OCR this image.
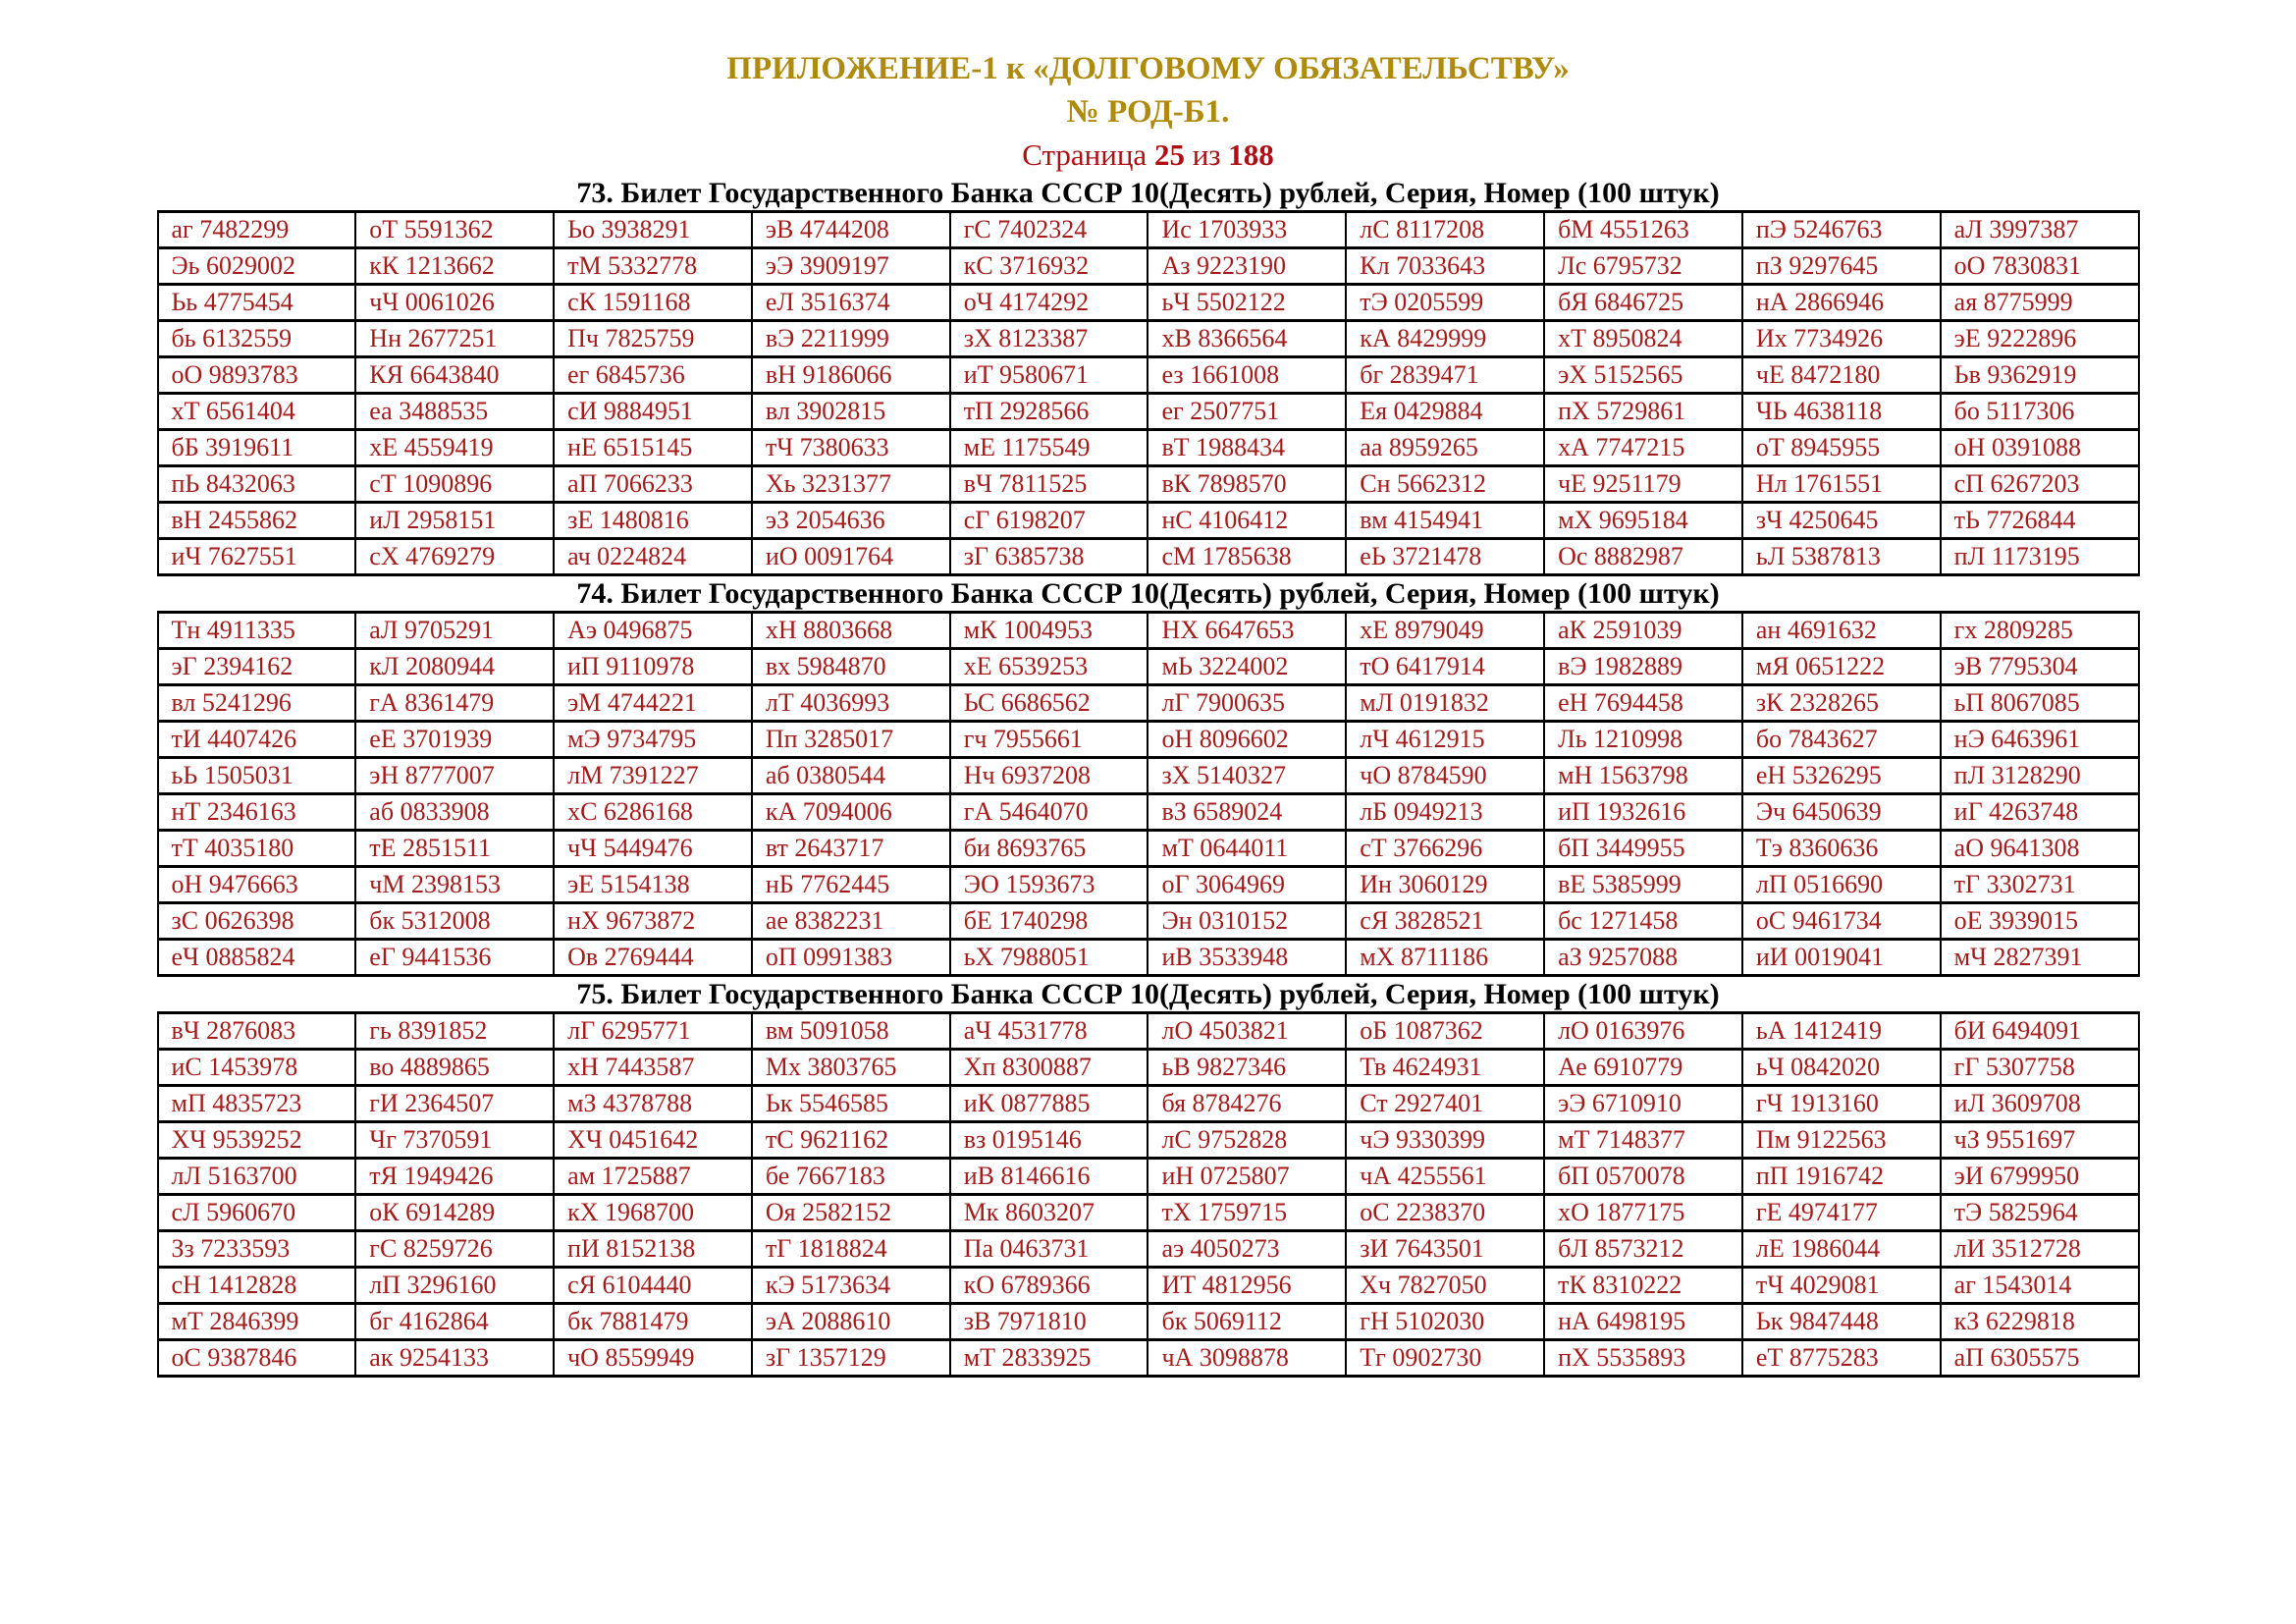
ПРИЛОЖЕНИЕ-1 к «ДОЛГОВОМУ ОБЯЗАТЕЛЬСТВУ»
№ РОД-Б1.
Страница 25 из 188
73. Билет Государственного Банка СССР 10(Десять) рублей, Серия, Номер (100 штук)
аг 7482299	оТ 5591362	Ьо 3938291	эВ 4744208	гС 7402324	Ис 1703933	лС 8117208	бМ 4551263	пЭ 5246763	аЛ 3997387
Эь 6029002	кК 1213662	тМ 5332778	эЭ 3909197	кС 3716932	Аз 9223190	Кл 7033643	Лс 6795732	пЗ 9297645	оО 7830831
Ьь 4775454	чЧ 0061026	сК 1591168	еЛ 3516374	оЧ 4174292	ьЧ 5502122	тЭ 0205599	бЯ 6846725	нА 2866946	ая 8775999
бь 6132559	Нн 2677251	Пч 7825759	вЭ 2211999	зХ 8123387	хВ 8366564	кА 8429999	хТ 8950824	Их 7734926	эЕ 9222896
оО 9893783	КЯ 6643840	ег 6845736	вН 9186066	иТ 9580671	ез 1661008	бг 2839471	эХ 5152565	чЕ 8472180	Ьв 9362919
хТ 6561404	еа 3488535	сИ 9884951	вл 3902815	тП 2928566	ег 2507751	Ея 0429884	пХ 5729861	ЧЬ 4638118	бо 5117306
бБ 3919611	хЕ 4559419	нЕ 6515145	тЧ 7380633	мЕ 1175549	вТ 1988434	аа 8959265	хА 7747215	оТ 8945955	оН 0391088
пЬ 8432063	сТ 1090896	аП 7066233	Хь 3231377	вЧ 7811525	вК 7898570	Сн 5662312	чЕ 9251179	Нл 1761551	сП 6267203
вН 2455862	иЛ 2958151	зЕ 1480816	эЗ 2054636	сГ 6198207	нС 4106412	вм 4154941	мХ 9695184	зЧ 4250645	тЬ 7726844
иЧ 7627551	сХ 4769279	ач 0224824	иО 0091764	зГ 6385738	сМ 1785638	еЬ 3721478	Ос 8882987	ьЛ 5387813	пЛ 1173195
74. Билет Государственного Банка СССР 10(Десять) рублей, Серия, Номер (100 штук)
Тн 4911335	аЛ 9705291	Аэ 0496875	хН 8803668	мК 1004953	НХ 6647653	хЕ 8979049	аК 2591039	ан 4691632	гх 2809285
эГ 2394162	кЛ 2080944	иП 9110978	вх 5984870	хЕ 6539253	мЬ 3224002	тО 6417914	вЭ 1982889	мЯ 0651222	эВ 7795304
вл 5241296	гА 8361479	эМ 4744221	лТ 4036993	ЬС 6686562	лГ 7900635	мЛ 0191832	еН 7694458	зК 2328265	ьП 8067085
тИ 4407426	еЕ 3701939	мЭ 9734795	Пп 3285017	гч 7955661	оН 8096602	лЧ 4612915	Ль 1210998	бо 7843627	нЭ 6463961
ьЬ 1505031	эН 8777007	лМ 7391227	аб 0380544	Нч 6937208	зХ 5140327	чО 8784590	мН 1563798	еН 5326295	пЛ 3128290
нТ 2346163	аб 0833908	хС 6286168	кА 7094006	гА 5464070	вЗ 6589024	лБ 0949213	иП 1932616	Эч 6450639	иГ 4263748
тТ 4035180	тЕ 2851511	чЧ 5449476	вт 2643717	би 8693765	мТ 0644011	сТ 3766296	бП 3449955	Тэ 8360636	аО 9641308
оН 9476663	чМ 2398153	эЕ 5154138	нБ 7762445	ЭО 1593673	оГ 3064969	Ин 3060129	вЕ 5385999	лП 0516690	тГ 3302731
зС 0626398	бк 5312008	нХ 9673872	ае 8382231	бЕ 1740298	Эн 0310152	сЯ 3828521	бс 1271458	оС 9461734	оЕ 3939015
еЧ 0885824	еГ 9441536	Ов 2769444	оП 0991383	ьХ 7988051	иВ 3533948	мХ 8711186	аЗ 9257088	иИ 0019041	мЧ 2827391
75. Билет Государственного Банка СССР 10(Десять) рублей, Серия, Номер (100 штук)
вЧ 2876083	гь 8391852	лГ 6295771	вм 5091058	аЧ 4531778	лО 4503821	оБ 1087362	лО 0163976	ьА 1412419	бИ 6494091
иС 1453978	во 4889865	хН 7443587	Мх 3803765	Хп 8300887	ьВ 9827346	Тв 4624931	Ае 6910779	ьЧ 0842020	гГ 5307758
мП 4835723	гИ 2364507	мЗ 4378788	Ьк 5546585	иК 0877885	бя 8784276	Ст 2927401	эЭ 6710910	гЧ 1913160	иЛ 3609708
ХЧ 9539252	Чг 7370591	ХЧ 0451642	тС 9621162	вз 0195146	лС 9752828	чЭ 9330399	мТ 7148377	Пм 9122563	чЗ 9551697
лЛ 5163700	тЯ 1949426	ам 1725887	бе 7667183	иВ 8146616	иН 0725807	чА 4255561	бП 0570078	пП 1916742	эИ 6799950
сЛ 5960670	оК 6914289	кХ 1968700	Оя 2582152	Мк 8603207	тХ 1759715	оС 2238370	хО 1877175	гЕ 4974177	тЭ 5825964
Зз 7233593	гС 8259726	пИ 8152138	тГ 1818824	Па 0463731	аэ 4050273	зИ 7643501	бЛ 8573212	лЕ 1986044	лИ 3512728
сН 1412828	лП 3296160	сЯ 6104440	кЭ 5173634	кО 6789366	ИТ 4812956	Хч 7827050	тК 8310222	тЧ 4029081	аг 1543014
мТ 2846399	бг 4162864	бк 7881479	эА 2088610	зВ 7971810	бк 5069112	гН 5102030	нА 6498195	Ьк 9847448	кЗ 6229818
оС 9387846	ак 9254133	чО 8559949	зГ 1357129	мТ 2833925	чА 3098878	Тг 0902730	пХ 5535893	еТ 8775283	аП 6305575
